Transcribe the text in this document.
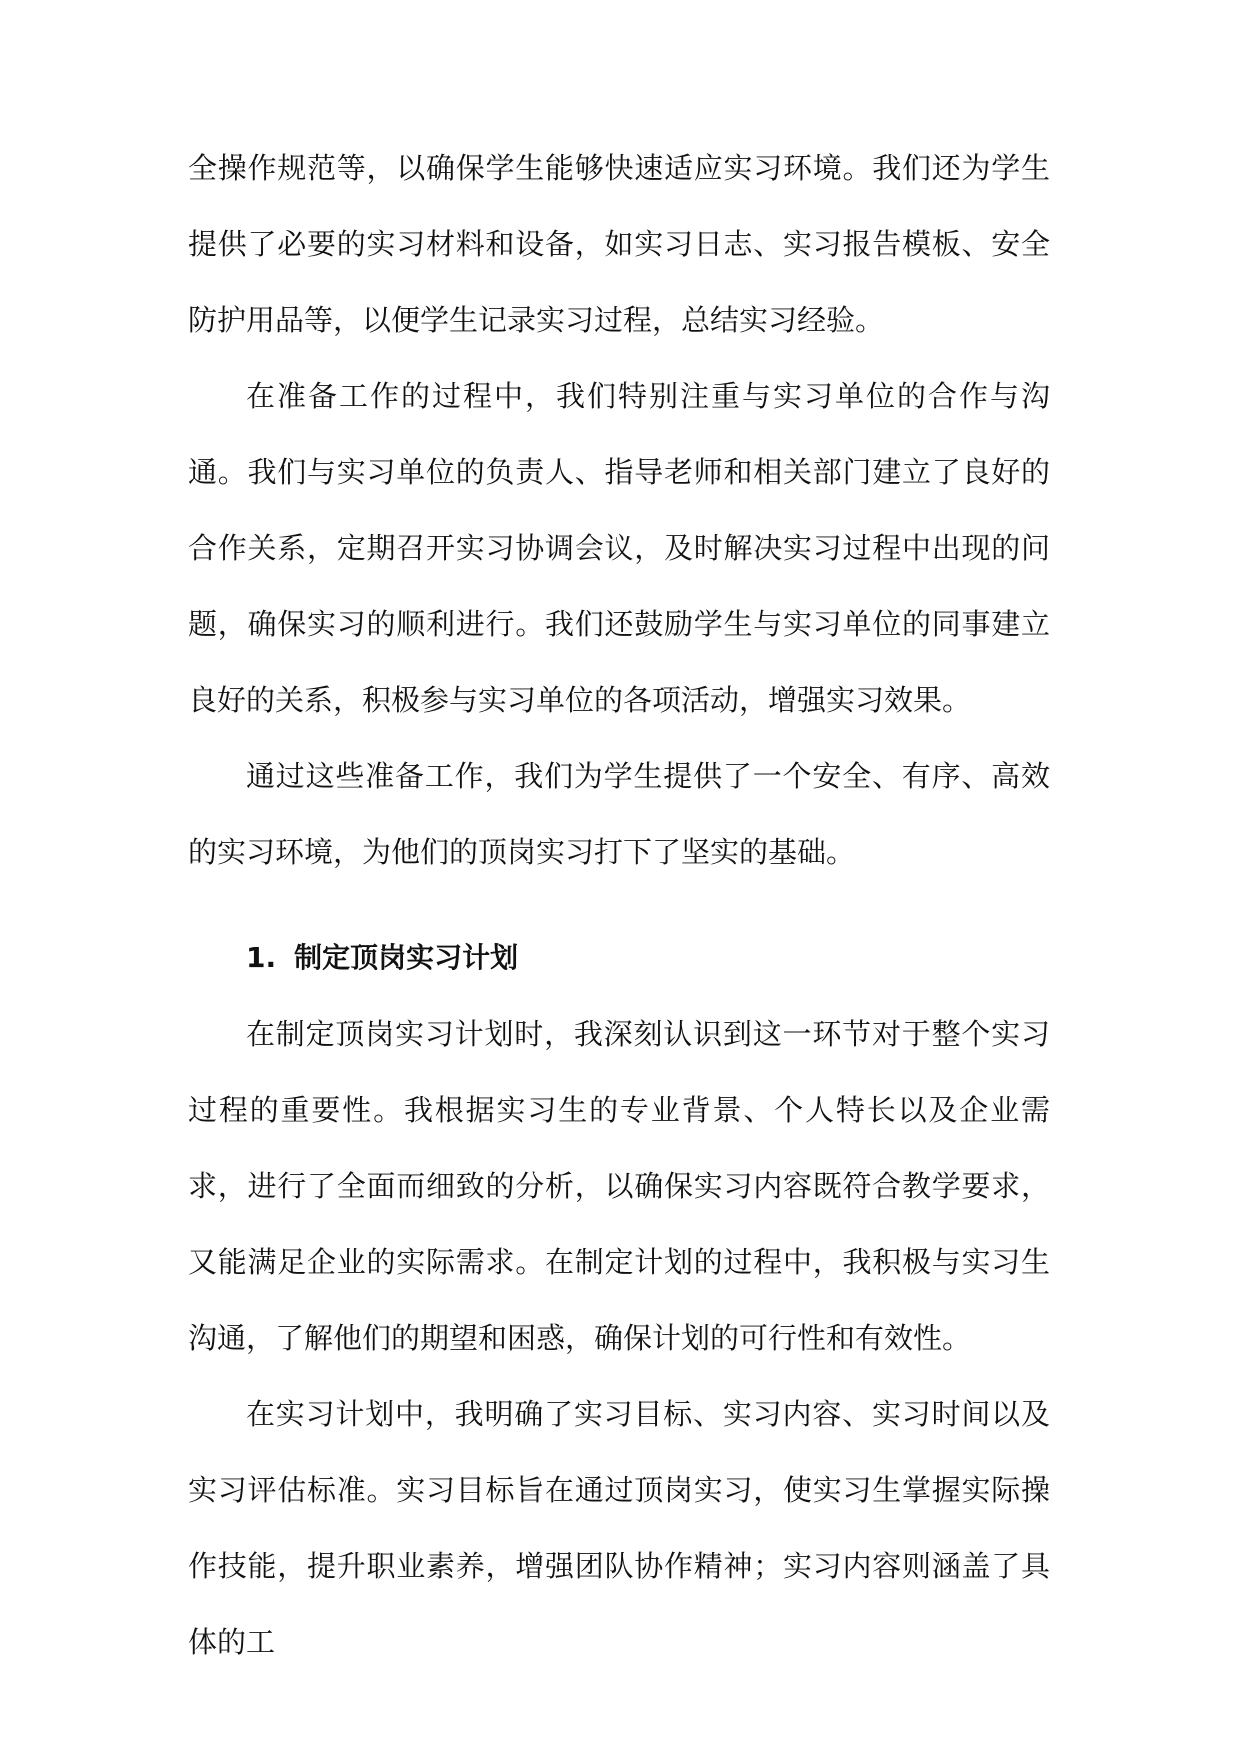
全操作规范等，以确保学生能够快速适应实习环境。我们还为学生提供了必要的实习材料和设备，如实习日志、实习报告模板、安全防护用品等，以便学生记录实习过程，总结实习经验。

在准备工作的过程中，我们特别注重与实习单位的合作与沟通。我们与实习单位的负责人、指导老师和相关部门建立了良好的合作关系，定期召开实习协调会议，及时解决实习过程中出现的问题，确保实习的顺利进行。我们还鼓励学生与实习单位的同事建立良好的关系，积极参与实习单位的各项活动，增强实习效果。

通过这些准备工作，我们为学生提供了一个安全、有序、高效的实习环境，为他们的顶岗实习打下了坚实的基础。

1. 制定顶岗实习计划

在制定顶岗实习计划时，我深刻认识到这一环节对于整个实习过程的重要性。我根据实习生的专业背景、个人特长以及企业需求，进行了全面而细致的分析，以确保实习内容既符合教学要求，又能满足企业的实际需求。在制定计划的过程中，我积极与实习生沟通，了解他们的期望和困惑，确保计划的可行性和有效性。

在实习计划中，我明确了实习目标、实习内容、实习时间以及实习评估标准。实习目标旨在通过顶岗实习，使实习生掌握实际操作技能，提升职业素养，增强团队协作精神；实习内容则涵盖了具体的工
